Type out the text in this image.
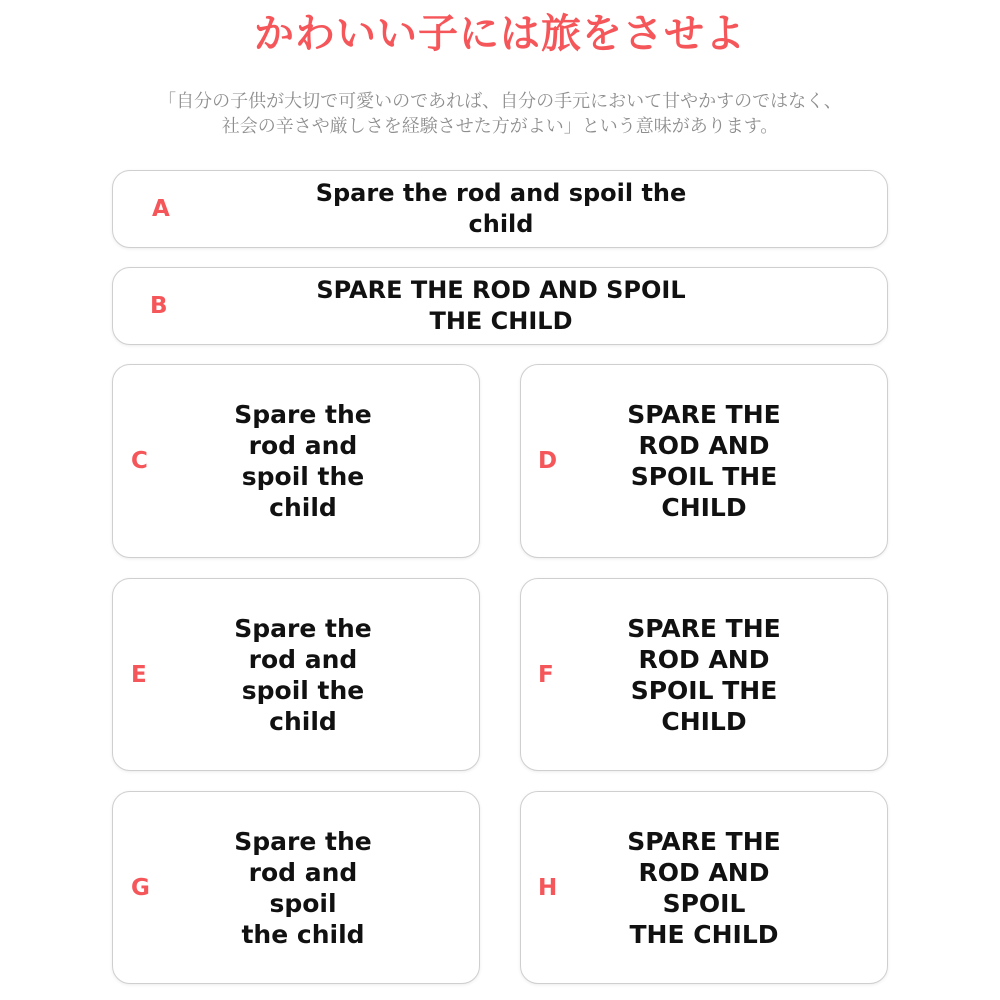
かわいい子には旅をさせよ
「自分の子供が大切で可愛いのであれば、自分の手元において甘やかすのではなく、
社会の辛さや厳しさを経験させた方がよい」という意味があります。
A
Spare the rod and spoil the child
B
SPARE THE ROD AND SPOIL THE CHILD
C
Spare the rod and
spoil the child
D
SPARE THE ROD AND
SPOIL THE CHILD
E
Spare the
rod and
spoil the child
F
SPARE THE
ROD AND
SPOIL THE CHILD
G
Spare the
rod and
spoil
the child
H
SPARE THE
ROD AND
SPOIL
THE CHILD
